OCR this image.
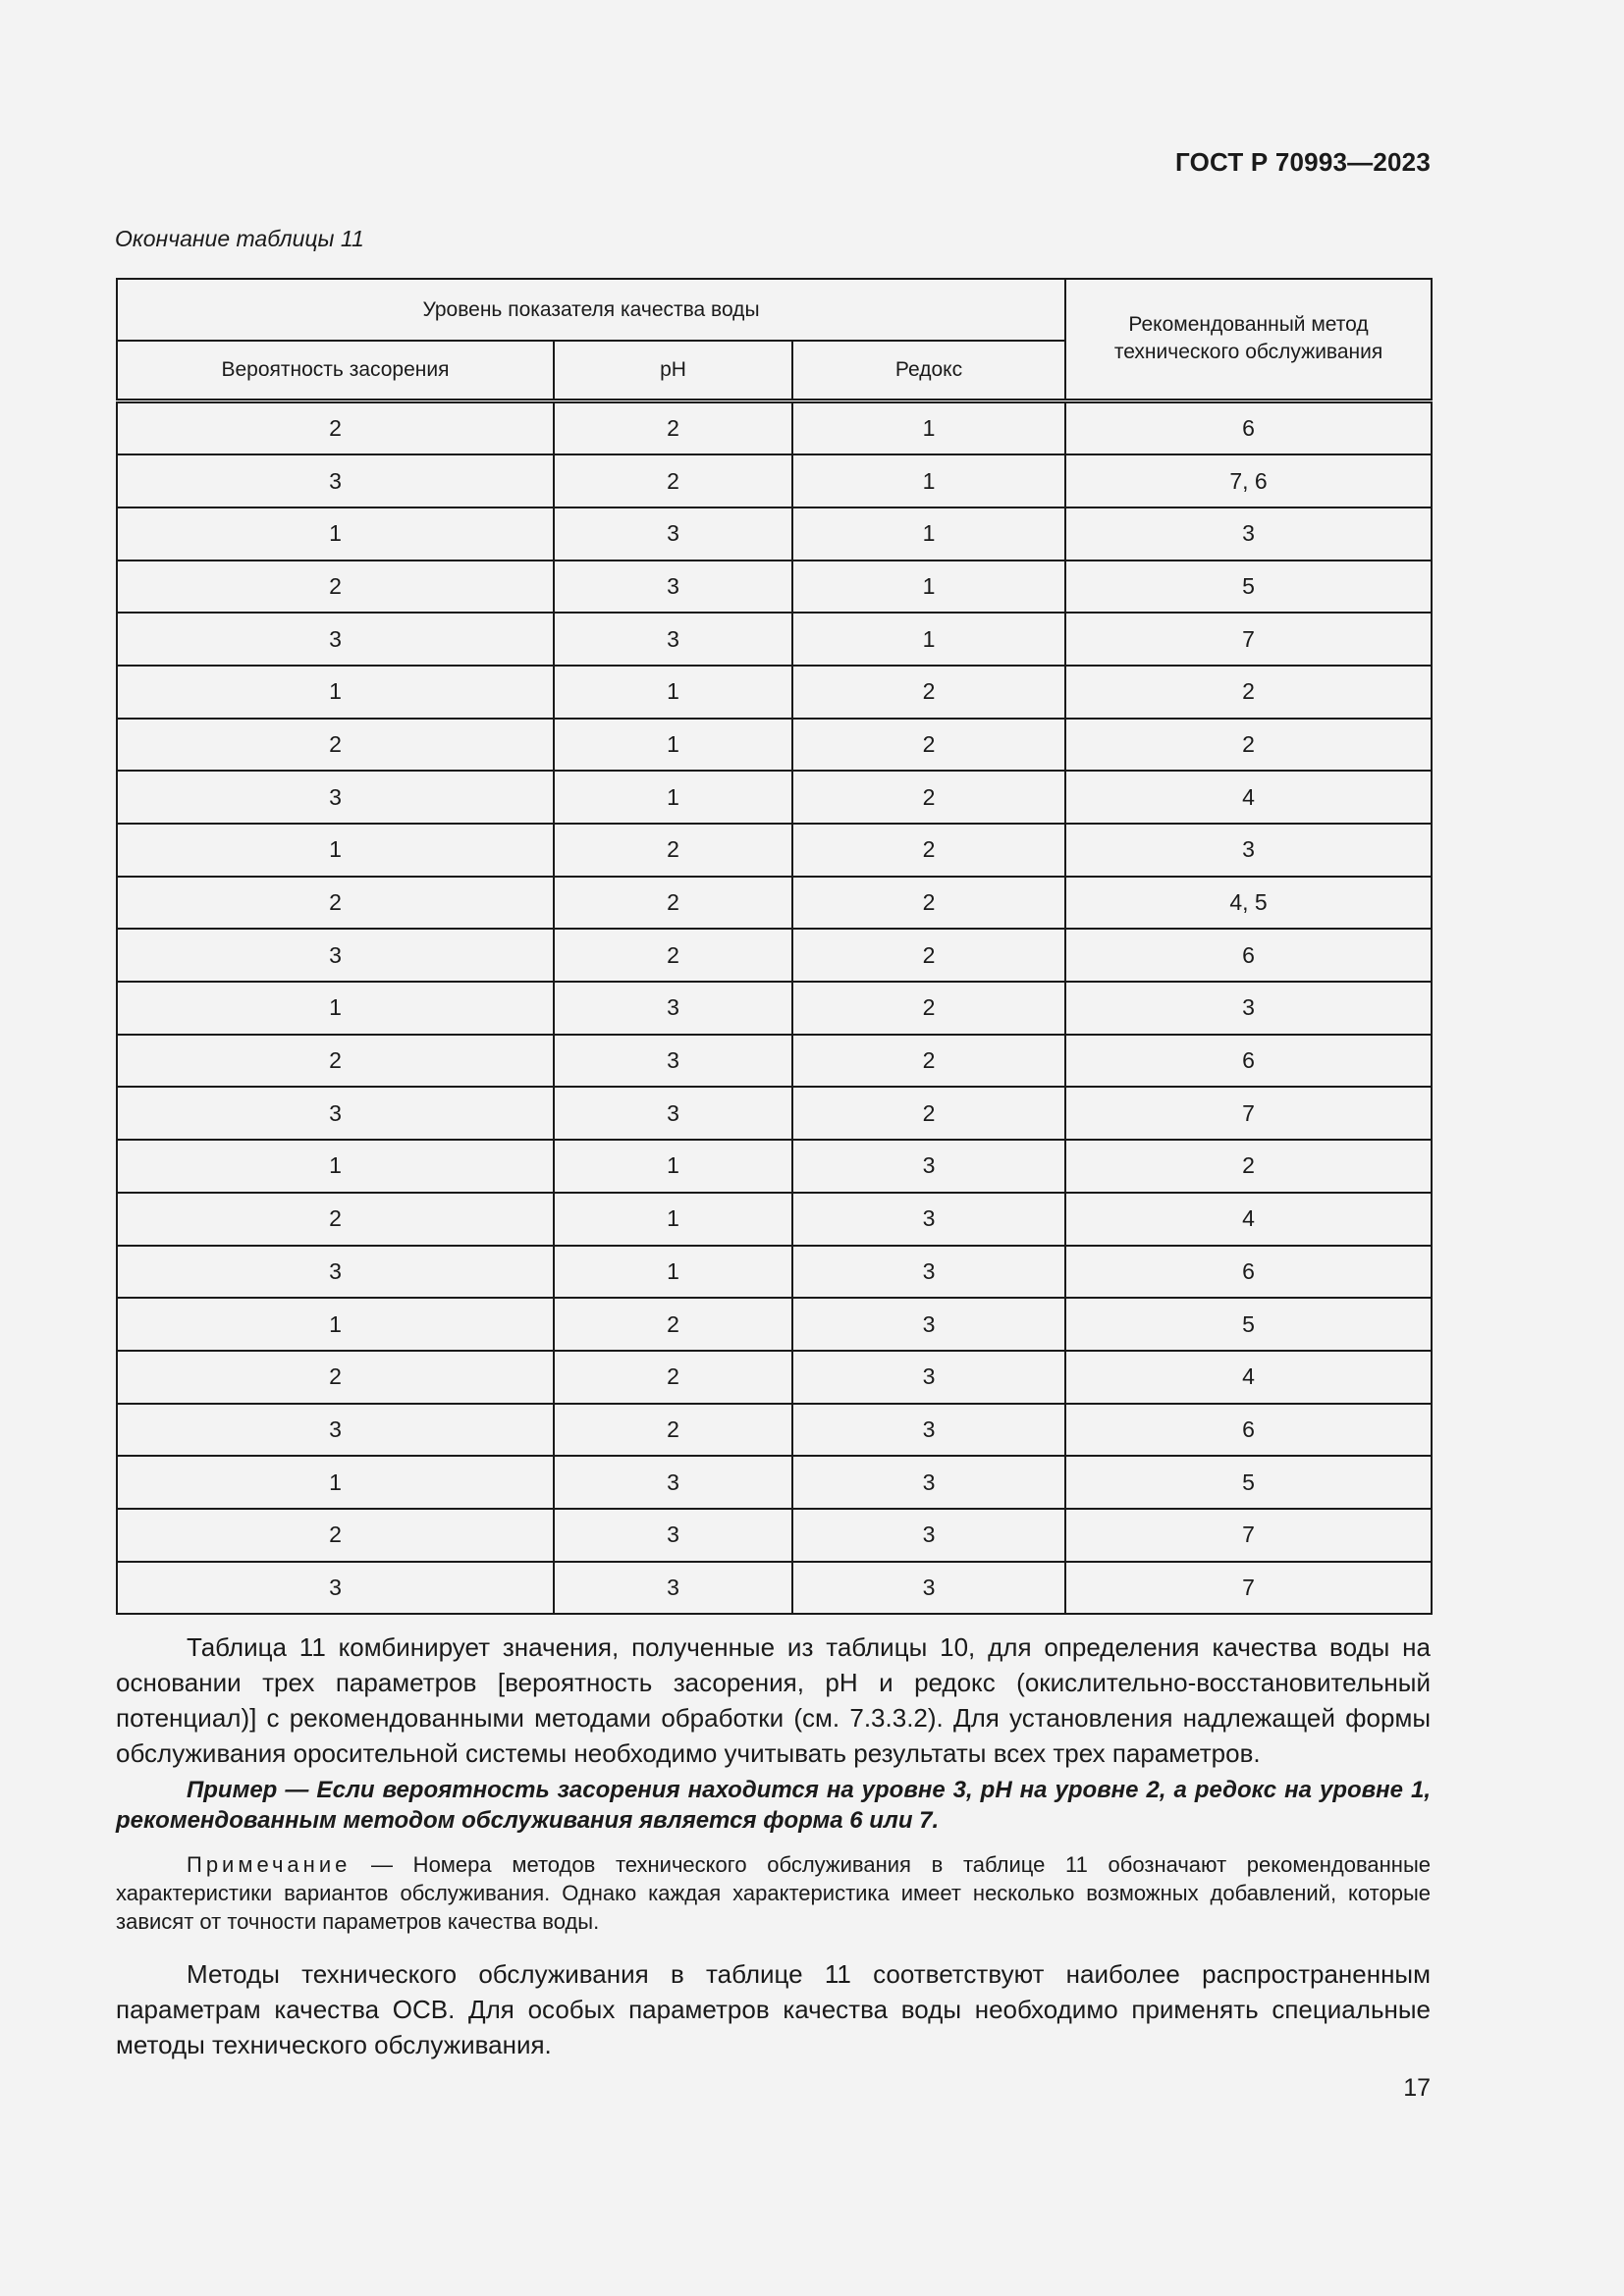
ГОСТ Р 70993—2023
Окончание таблицы 11
Уровень показателя качества воды			Рекомендованный метод технического обслуживания
Вероятность засорения	рН	Редокс	
2	2	1	6
3	2	1	7, 6
1	3	1	3
2	3	1	5
3	3	1	7
1	1	2	2
2	1	2	2
3	1	2	4
1	2	2	3
2	2	2	4, 5
3	2	2	6
1	3	2	3
2	3	2	6
3	3	2	7
1	1	3	2
2	1	3	4
3	1	3	6
1	2	3	5
2	2	3	4
3	2	3	6
1	3	3	5
2	3	3	7
3	3	3	7
Таблица 11 комбинирует значения, полученные из таблицы 10, для определения качества воды на основании трех параметров [вероятность засорения, pH и редокс (окислительно-восстановительный потенциал)] с рекомендованными методами обработки (см. 7.3.3.2). Для установления надлежащей формы обслуживания оросительной системы необходимо учитывать результаты всех трех параметров.
Пример — Если вероятность засорения находится на уровне 3, pH на уровне 2, а редокс на уровне 1, рекомендованным методом обслуживания является форма 6 или 7.
Примечание — Номера методов технического обслуживания в таблице 11 обозначают рекомендованные характеристики вариантов обслуживания. Однако каждая характеристика имеет несколько возможных добавлений, которые зависят от точности параметров качества воды.
Методы технического обслуживания в таблице 11 соответствуют наиболее распространенным параметрам качества ОСВ. Для особых параметров качества воды необходимо применять специальные методы технического обслуживания.
17
